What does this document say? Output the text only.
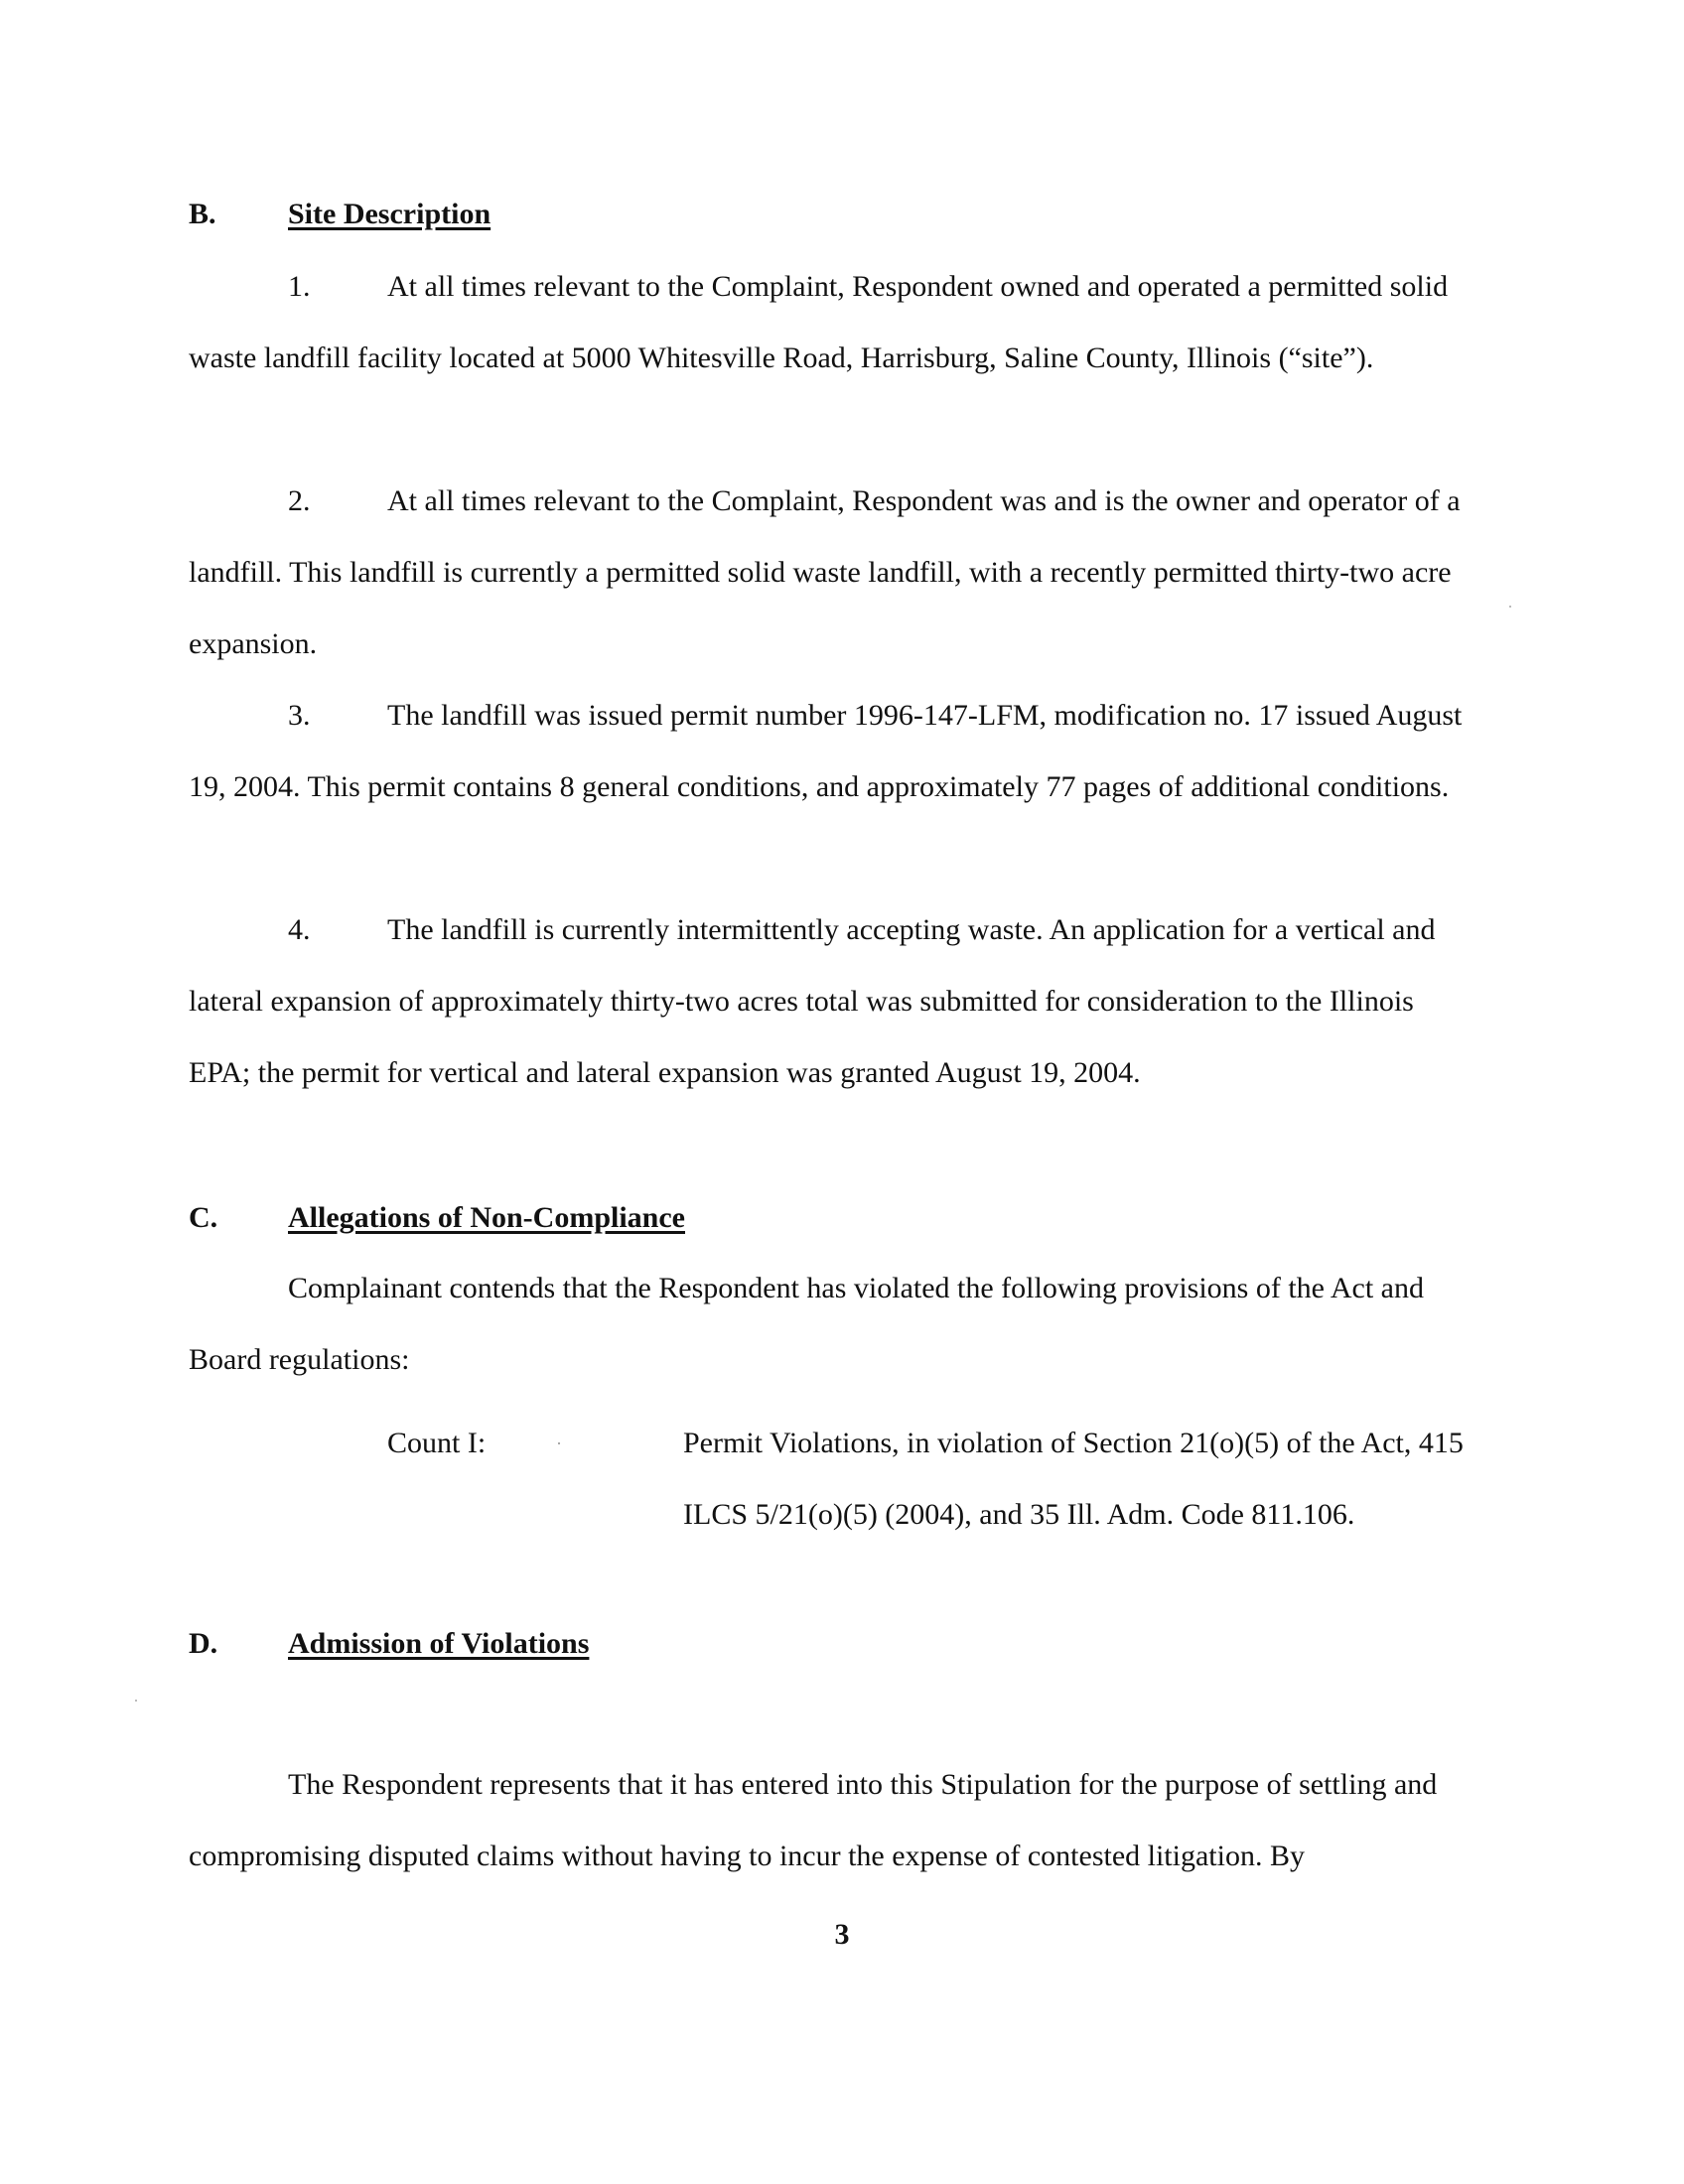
B. Site Description

1.	At all times relevant to the Complaint, Respondent owned and operated a permitted solid waste landfill facility located at 5000 Whitesville Road, Harrisburg, Saline County, Illinois (“site”).

2.	At all times relevant to the Complaint, Respondent was and is the owner and operator of a landfill. This landfill is currently a permitted solid waste landfill, with a recently permitted thirty-two acre expansion.

3.	The landfill was issued permit number 1996-147-LFM, modification no. 17 issued August 19, 2004. This permit contains 8 general conditions, and approximately 77 pages of additional conditions.

4.	The landfill is currently intermittently accepting waste. An application for a vertical and lateral expansion of approximately thirty-two acres total was submitted for consideration to the Illinois EPA; the permit for vertical and lateral expansion was granted August 19, 2004.

C. Allegations of Non-Compliance

Complainant contends that the Respondent has violated the following provisions of the Act and Board regulations:

Count I:	·	Permit Violations, in violation of Section 21(o)(5) of the Act, 415 ILCS 5/21(o)(5) (2004), and 35 Ill. Adm. Code 811.106.
D. Admission of Violations

The Respondent represents that it has entered into this Stipulation for the purpose of settling and compromising disputed claims without having to incur the expense of contested litigation. By

3
